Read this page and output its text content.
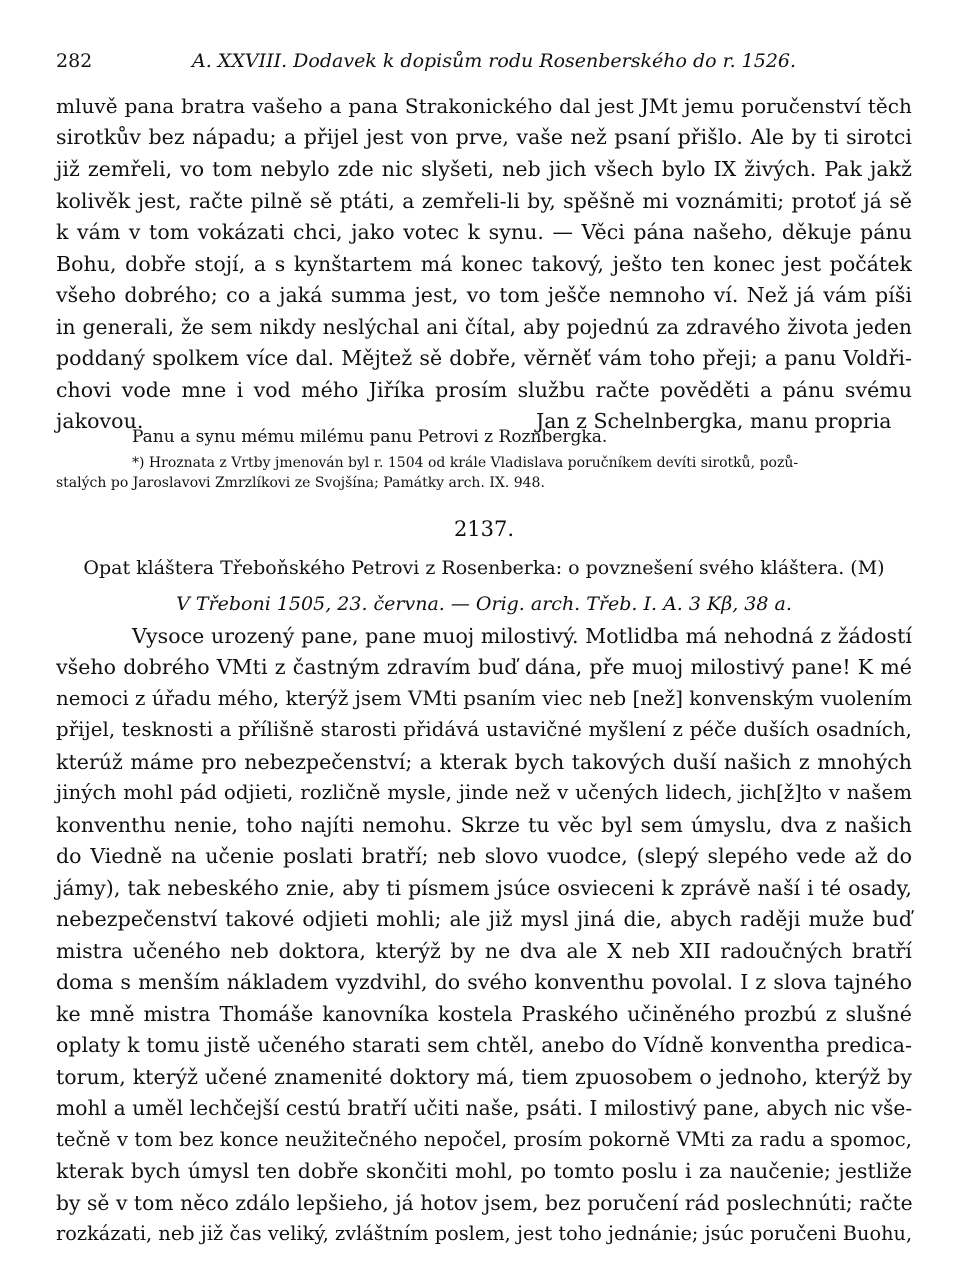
282	A. XXVIII. Dodavek k dopisům rodu Rosenberského do r. 1526.
mluvě pana bratra vašeho a pana Strakonického dal jest JMt jemu poručenství těch
sirotkův bez nápadu; a přijel jest von prve, vaše než psaní přišlo. Ale by ti sirotci
již zemřeli, vo tom nebylo zde nic slyšeti, neb jich všech bylo IX živých. Pak jakž
kolivěk jest, račte pilně sě ptáti, a zemřeli-li by, spěšně mi voznámiti; protoť já sě
k vám v tom vokázati chci, jako votec k synu. — Věci pána našeho, děkuje pánu
Bohu, dobře stojí, a s kynštartem má konec takový, ješto ten konec jest počátek
všeho dobrého; co a jaká summa jest, vo tom ješče nemnoho ví. Než já vám píši
in generali, že sem nikdy neslýchal ani čítal, aby pojednú za zdravého života jeden
poddaný spolkem více dal. Mějtež sě dobře, věrněť vám toho přeji; a panu Voldři-
chovi vode mne i vod mého Jiříka prosím službu račte pověděti a pánu svému
jakovou.	Jan z Schelnbergka, manu propria
Panu a synu mému milému panu Petrovi z Roznbergka.
*) Hroznata z Vrtby jmenován byl r. 1504 od krále Vladislava poručníkem devíti sirotků, pozů-
stalých po Jaroslavovi Zmrzlíkovi ze Svojšína; Památky arch. IX. 948.
2137.
Opat kláštera Třeboňského Petrovi z Rosenberka: o povznešení svého kláštera. (M)
V Třeboni 1505, 23. června. — Orig. arch. Třeb. I. A. 3 Kβ, 38 a.
Vysoce urozený pane, pane muoj milostivý. Motlidba má nehodná z žádostí
všeho dobrého VMti z častným zdravím buď dána, pře muoj milostivý pane! K mé
nemoci z úřadu mého, kterýž jsem VMti psaním viec neb [než] konvenským vuolením
přijel, tesknosti a přílišně starosti přidává ustavičné myšlení z péče duších osadních,
kterúž máme pro nebezpečenství; a kterak bych takových duší našich z mnohých
jiných mohl pád odjieti, rozličně mysle, jinde než v učených lidech, jich[ž]to v našem
konventhu nenie, toho najíti nemohu. Skrze tu věc byl sem úmyslu, dva z našich
do Viedně na učenie poslati bratří; neb slovo vuodce, (slepý slepého vede až do
jámy), tak nebeského znie, aby ti písmem jsúce osvieceni k zprávě naší i té osady,
nebezpečenství takové odjieti mohli; ale již mysl jiná die, abych raději muže buď
mistra učeného neb doktora, kterýž by ne dva ale X neb XII radoučných bratří
doma s menším nákladem vyzdvihl, do svého konventhu povolal. I z slova tajného
ke mně mistra Thomáše kanovníka kostela Praského učiněného prozbú z slušné
oplaty k tomu jistě učeného starati sem chtěl, anebo do Vídně konventha predica-
torum, kterýž učené znamenité doktory má, tiem zpuosobem o jednoho, kterýž by
mohl a uměl lechčejší cestú bratří učiti naše, psáti. I milostivý pane, abych nic vše-
tečně v tom bez konce neužitečného nepočel, prosím pokorně VMti za radu a spomoc,
kterak bych úmysl ten dobře skončiti mohl, po tomto poslu i za naučenie; jestliže
by sě v tom něco zdálo lepšieho, já hotov jsem, bez poručení rád poslechnúti; račte
rozkázati, neb již čas veliký, zvláštním poslem, jest toho jednánie; jsúc poručeni Buohu,
